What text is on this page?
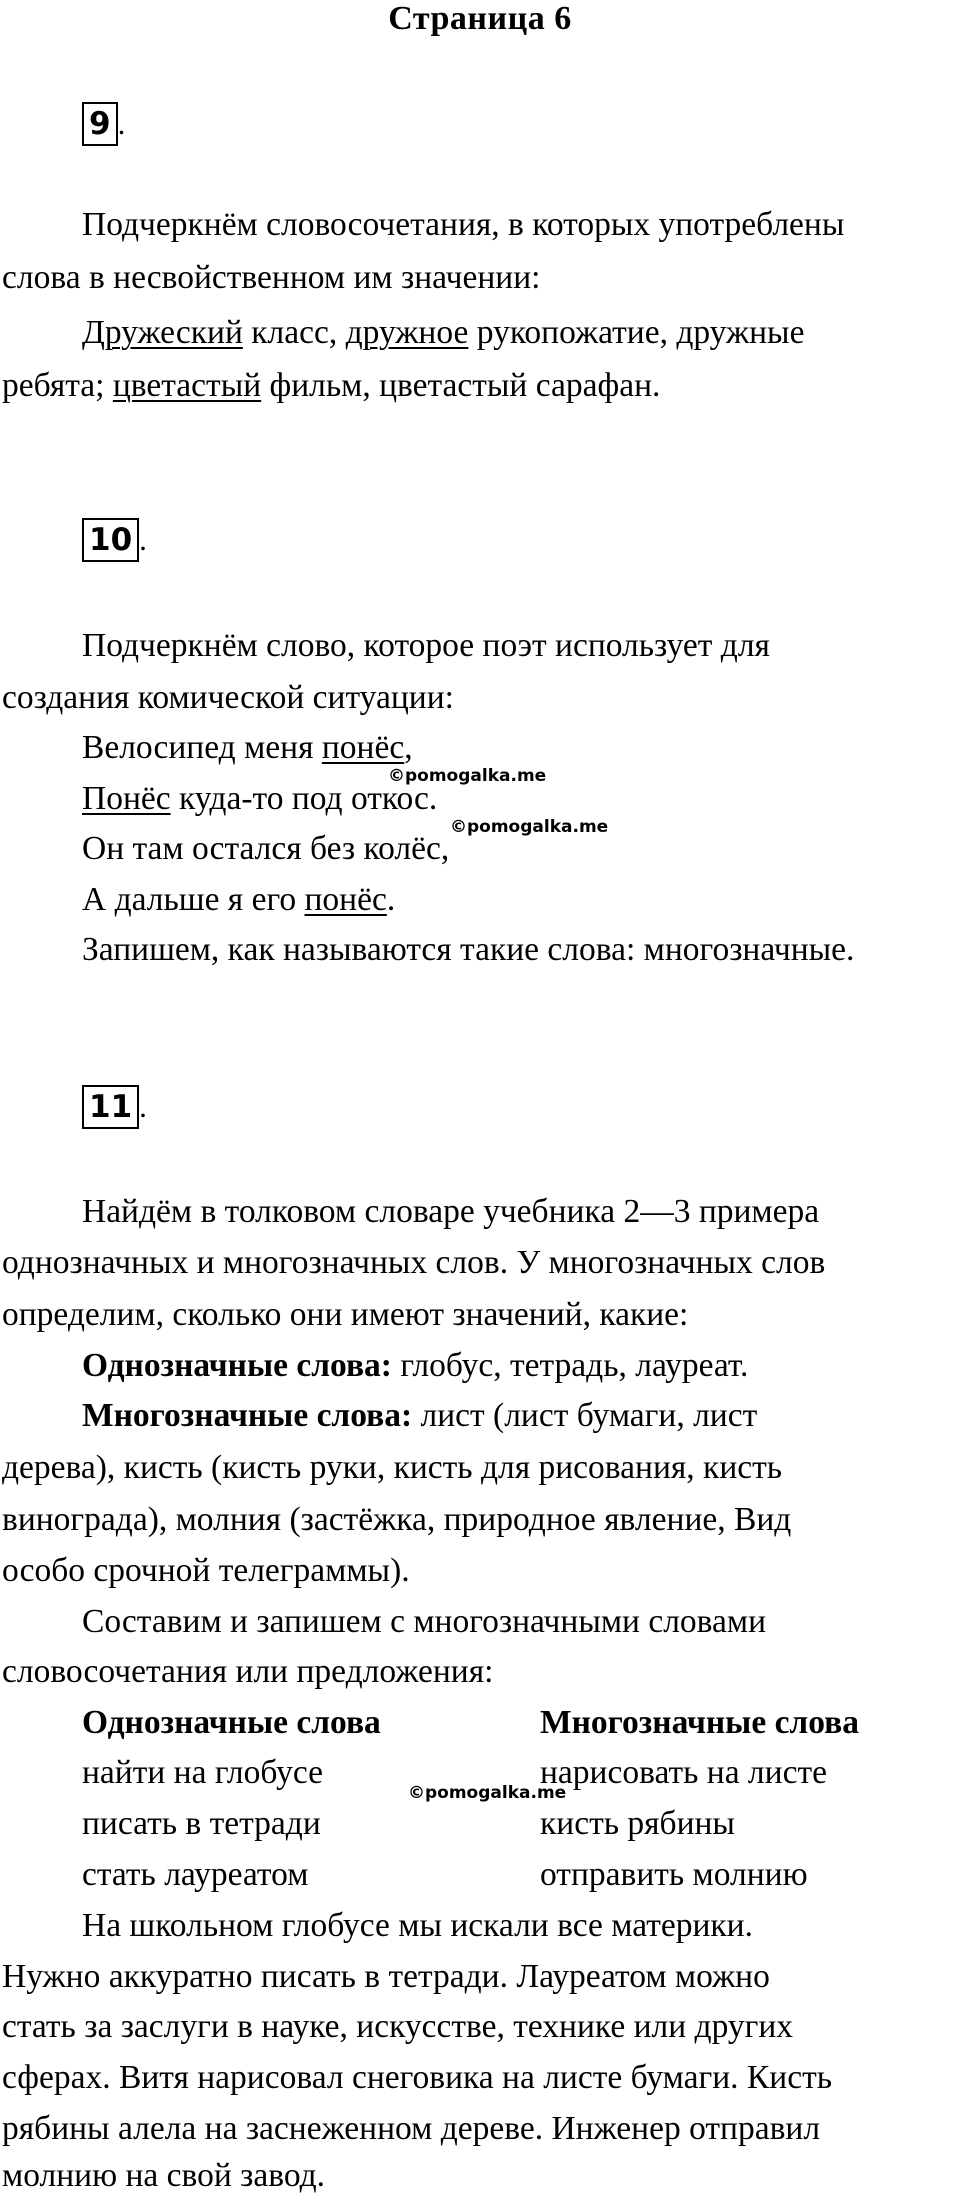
Страница 6
9 .
Подчеркнём словосочетания, в которых употреблены
слова в несвойственном им значении:
Дружеский класс, дружное рукопожатие, дружные
ребята; цветастый фильм, цветастый сарафан.
10 .
Подчеркнём слово, которое поэт использует для
создания комической ситуации:
Велосипед меня понёс,
©pomogalka.me
Понёс куда-то под откос.
©pomogalka.me
Он там остался без колёс,
А дальше я его понёс.
Запишем, как называются такие слова: многозначные.
11 .
Найдём в толковом словаре учебника 2—3 примера
однозначных и многозначных слов. У многозначных слов
определим, сколько они имеют значений, какие:
Однозначные слова: глобус, тетрадь, лауреат.
Многозначные слова: лист (лист бумаги, лист
дерева), кисть (кисть руки, кисть для рисования, кисть
винограда), молния (застёжка, природное явление, Вид
особо срочной телеграммы).
Составим и запишем с многозначными словами
словосочетания или предложения:
Однозначные слова	Многозначные слова
найти на глобусе	нарисовать на листе
©pomogalka.me
писать в тетради	кисть рябины
стать лауреатом	отправить молнию
На школьном глобусе мы искали все материки.
Нужно аккуратно писать в тетради. Лауреатом можно
стать за заслуги в науке, искусстве, технике или других
сферах. Витя нарисовал снеговика на листе бумаги. Кисть
рябины алела на заснеженном дереве. Инженер отправил
молнию на свой завод.
